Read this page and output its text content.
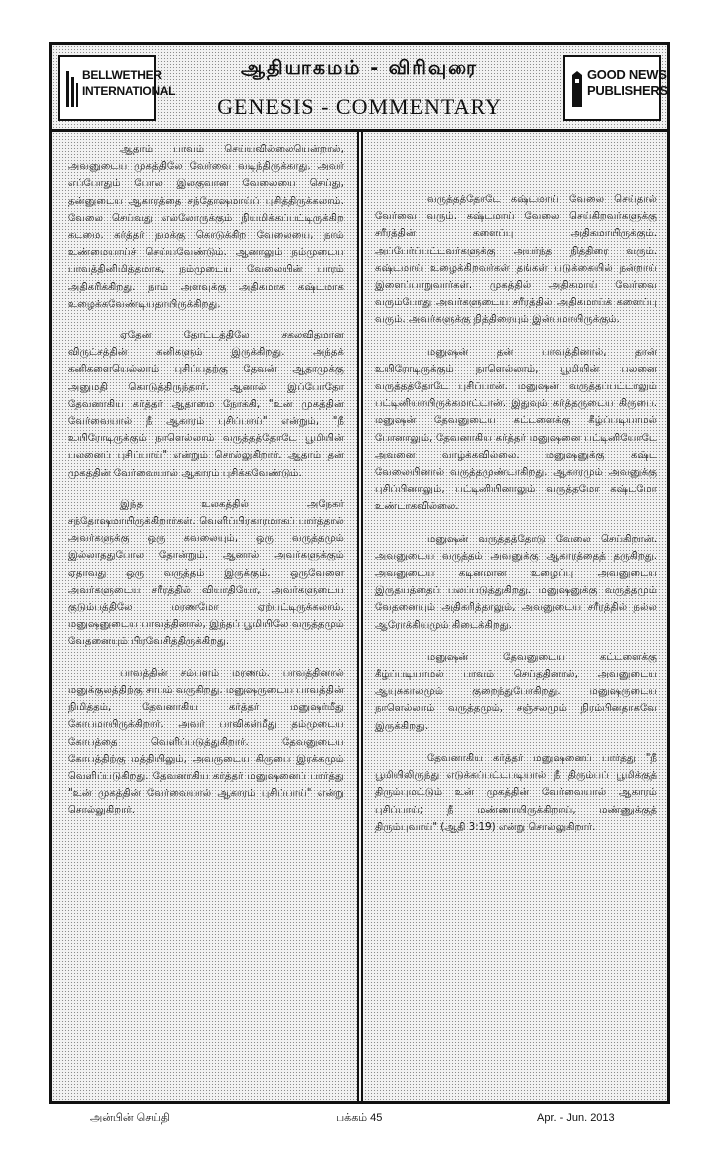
BELLWETHER
INTERNATIONAL
ஆதியாகமம் - விரிவுரை
GENESIS - COMMENTARY
GOOD NEWS
PUBLISHERS

ஆதாம் பாவம் செய்யவில்லையென்றால், அவனுடைய முகத்திலே வேர்வை வடிந்திருக்காது. அவர் எப்போதும் போல இலகுவான வேலையை செய்து, தன்னுடைய ஆகாரத்தை சந்தோஷமாய்ப் புசித்திருக்கலாம். வேலை செய்வது எல்லோருக்கும் நியமிக்கப்பட்டிருக்கிற கடமை. கர்த்தர் நமக்கு கொடுக்கிற வேலையை, நாம் உண்மையாய்ச் செய்யவேண்டும். ஆனாலும் நம்முடைய பாவத்தினிமித்தமாக, நம்முடைய வேலையின் பாரம் அதிகரிக்கிறது. நாம் அளவுக்கு அதிகமாக கஷ்டமாக உழைக்கவேண்டியதாயிருக்கிறது.

ஏதேன் தோட்டத்திலே சகலவிதமான விருட்சத்தின் கனிகளும் இருக்கிறது. அந்தக் கனிகளையெல்லாம் புசிப்பதற்கு தேவன் ஆதாமுக்கு அனுமதி கொடுத்திருந்தார். ஆனால் இப்போதோ தேவனாகிய கர்த்தர் ஆதாமை நோக்கி, "உன் முகத்தின் வேர்வையால் நீ ஆகாரம் புசிப்பாய்" என்றும், "நீ உயிரோடிருக்கும் நாளெல்லாம் வருத்தத்தோடே பூமியின் பலனைப் புசிப்பாய்" என்றும் சொல்லுகிறார். ஆதாம் தன் முகத்தின் வேர்வையால் ஆகாரம் புசிக்கவேண்டும்.

இந்த உலகத்தில் அநேகர் சந்தோஷமாயிருக்கிறார்கள். வெளிப்பிரகாரமாகப் பார்த்தால் அவர்களுக்கு ஒரு கவலையும், ஒரு வருத்தமும் இல்லாததுபோல தோன்றும். ஆனால் அவர்களுக்கும் ஏதாவது ஒரு வருத்தம் இருக்கும். ஒருவேளை அவர்களுடைய சரீரத்தில் வியாதியோ, அவர்களுடைய குடும்பத்திலே மரணமோ ஏற்பட்டிருக்கலாம். மனுஷனுடைய பாவத்தினால், இந்தப் பூமியிலே வருத்தமும் வேதனையும் பிரவேசித்திருக்கிறது.

பாவத்தின் சம்பளம் மரணம். பாவத்தினால் மனுக்குலத்திற்கு சாபம் வருகிறது. மனுஷருடைய பாவத்தின் நிமித்தம், தேவனாகிய கர்த்தர் மனுஷர்மீது கோபமாயிருக்கிறார். அவர் பாவிகள்மீது தம்முடைய கோபத்தை வெளிப்படுத்துகிறார். தேவனுடைய கோபத்திற்கு மத்தியிலும், அவருடைய கிருபை இரக்கமும் வெளிப்படுகிறது. தேவனாகிய கர்த்தர் மனுஷனைப் பார்த்து "உன் முகத்தின் வேர்வையால் ஆகாரம் புசிப்பாய்" என்று சொல்லுகிறார்.

வருத்தத்தோடே கஷ்டமாய் வேலை செய்தால் வேர்வை வரும். கஷ்டமாய் வேலை செய்கிறவர்களுக்கு சரீரத்தின் களைப்பு அதிகமாயிருக்கும். அப்பேர்ப்பட்டவர்களுக்கு அயர்ந்த நித்திரை வரும். கஷ்டமாய் உழைக்கிறவர்கள் தங்கள் படுக்கையில் நன்றாய் இளைப்பாறுவார்கள். முகத்தில் அதிகமாய் வேர்வை வரும்போது அவர்களுடைய சரீரத்தில் அதிகமாய்க் களைப்பு வரும். அவர்களுக்கு நித்திரையும் இன்பமாயிருக்கும்.

மனுஷன் தன் பாவத்தினால், தான் உயிரோடிருக்கும் நாளெல்லாம், பூமியின் பலனை வருத்தத்தோடே புசிப்பான். மனுஷன் வருத்தப்பட்டாலும் பட்டினியாயிருக்கமாட்டான். இதுவும் கர்த்தருடைய கிருபை. மனுஷன் தேவனுடைய கட்டளைக்கு கீழ்ப்படியாமல் போனாலும், தேவனாகிய கர்த்தர் மனுஷனை பட்டினியோடே அவனை வாழ்க்கவில்லை. மனுஷனுக்கு கஷ்ட வேலையினால் வருத்தமுண்டாகிறது. ஆகாரமும் அவனுக்கு புசிப்பினாலும், பட்டினியினாலும் வருத்தமோ கஷ்டமோ உண்டாகவில்லை.

மனுஷன் வருத்தத்தோடு வேலை செய்கிறான். அவனுடைய வருத்தம் அவனுக்கு ஆகாரத்தைத் தருகிறது. அவனுடைய கடினமான உழைப்பு அவனுடைய இருதயத்தைப் பலப்படுத்துகிறது. மனுஷனுக்கு வருத்தமும் வேதனையும் அதிகரித்தாலும், அவனுடைய சரீரத்தில் நல்ல ஆரோக்கியமும் கிடைக்கிறது.

மனுஷன் தேவனுடைய கட்டளைக்கு கீழ்ப்படியாமல் பாவம் செய்ததினால், அவனுடைய ஆயுசுகாலமும் குறைந்துபோகிறது. மனுஷருடைய நாளெல்லாம் வருத்தமும், சஞ்சலமும் நிரம்பினதாகவே இருக்கிறது.

தேவனாகிய கர்த்தர் மனுஷனைப் பார்த்து "நீ பூமியிலிருந்து எடுக்கப்பட்டபடியால் நீ திரும்பப் பூமிக்குத் திரும்புமட்டும் உன் முகத்தின் வேர்வையால் ஆகாரம் புசிப்பாய்; நீ மண்ணாயிருக்கிறாய், மண்ணுக்குத் திரும்புவாய்" (ஆதி 3:19) என்று சொல்லுகிறார்.

அன்பின் செய்தி	பக்கம் 45	Apr. - Jun. 2013
